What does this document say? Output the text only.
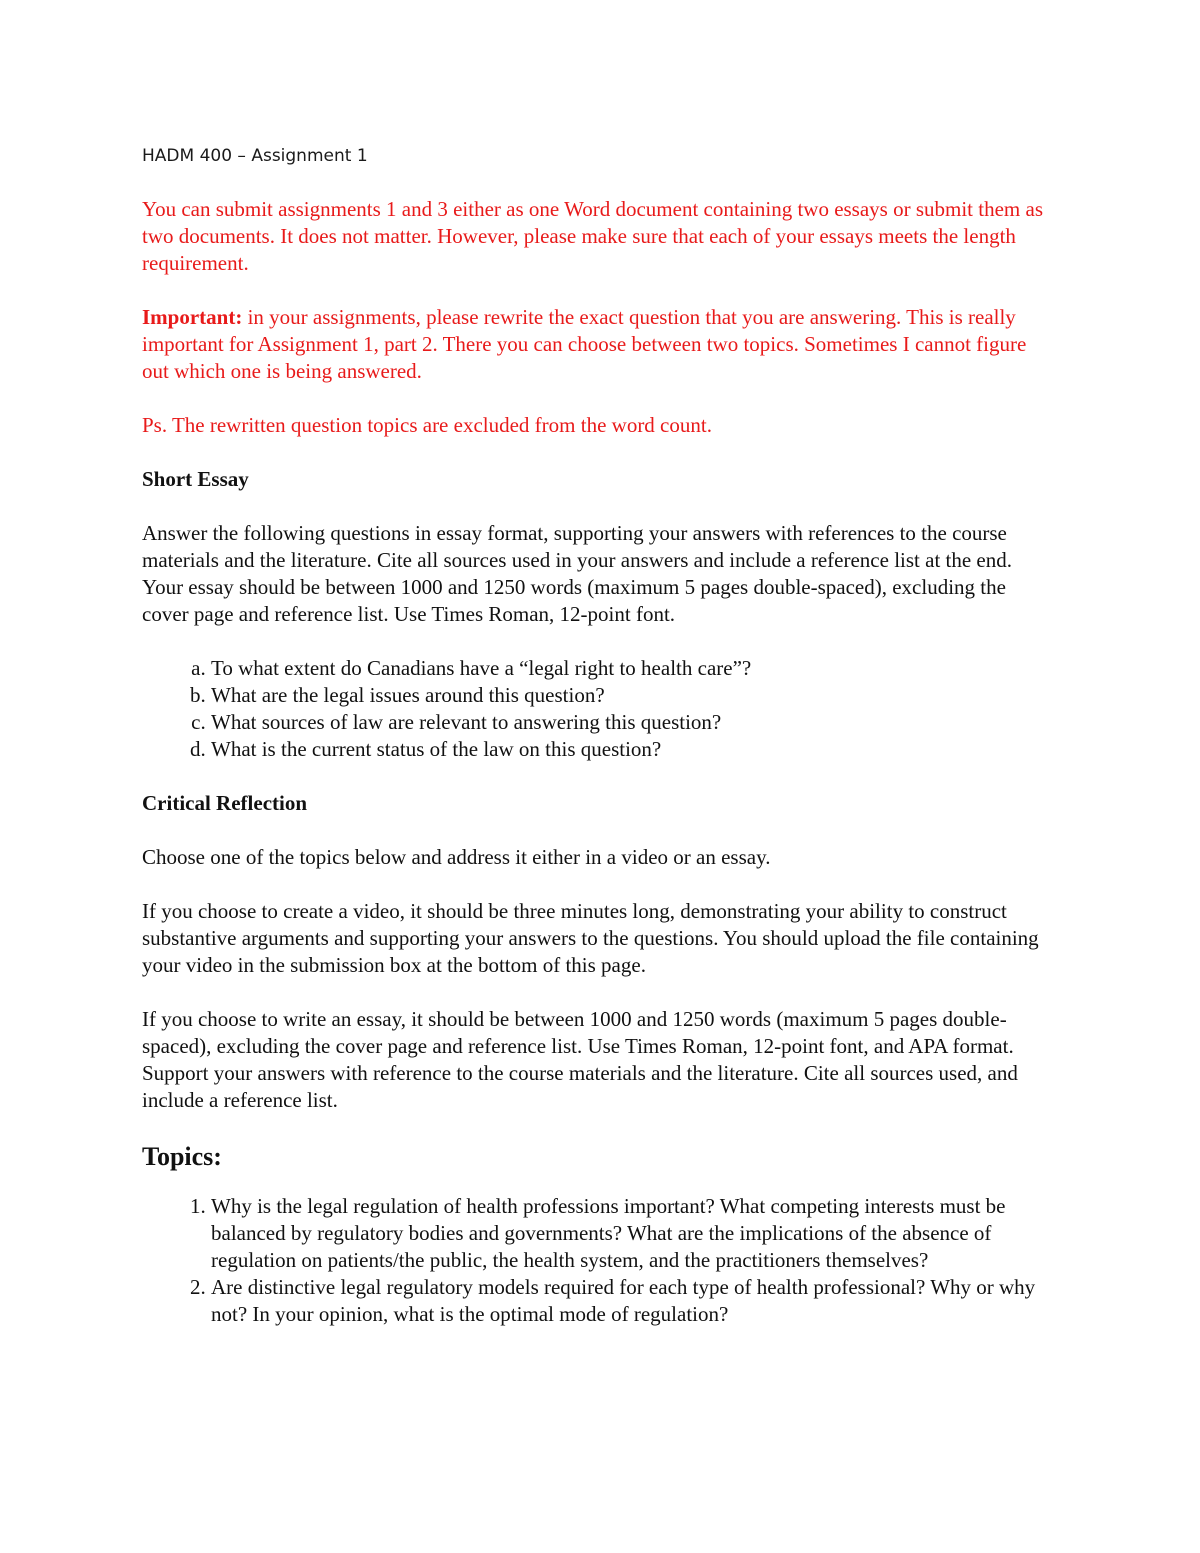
HADM 400 – Assignment 1

You can submit assignments 1 and 3 either as one Word document containing two essays or submit them as two documents. It does not matter. However, please make sure that each of your essays meets the length requirement.

Important: in your assignments, please rewrite the exact question that you are answering. This is really important for Assignment 1, part 2. There you can choose between two topics. Sometimes I cannot figure out which one is being answered.

Ps. The rewritten question topics are excluded from the word count.

Short Essay

Answer the following questions in essay format, supporting your answers with references to the course materials and the literature. Cite all sources used in your answers and include a reference list at the end. Your essay should be between 1000 and 1250 words (maximum 5 pages double-spaced), excluding the cover page and reference list. Use Times Roman, 12-point font.

a. To what extent do Canadians have a “legal right to health care”?
b. What are the legal issues around this question?
c. What sources of law are relevant to answering this question?
d. What is the current status of the law on this question?
Critical Reflection

Choose one of the topics below and address it either in a video or an essay.

If you choose to create a video, it should be three minutes long, demonstrating your ability to construct substantive arguments and supporting your answers to the questions. You should upload the file containing your video in the submission box at the bottom of this page.

If you choose to write an essay, it should be between 1000 and 1250 words (maximum 5 pages double-spaced), excluding the cover page and reference list. Use Times Roman, 12-point font, and APA format. Support your answers with reference to the course materials and the literature. Cite all sources used, and include a reference list.

Topics:
1. Why is the legal regulation of health professions important? What competing interests must be balanced by regulatory bodies and governments? What are the implications of the absence of regulation on patients/the public, the health system, and the practitioners themselves?
2. Are distinctive legal regulatory models required for each type of health professional? Why or why not? In your opinion, what is the optimal mode of regulation?
